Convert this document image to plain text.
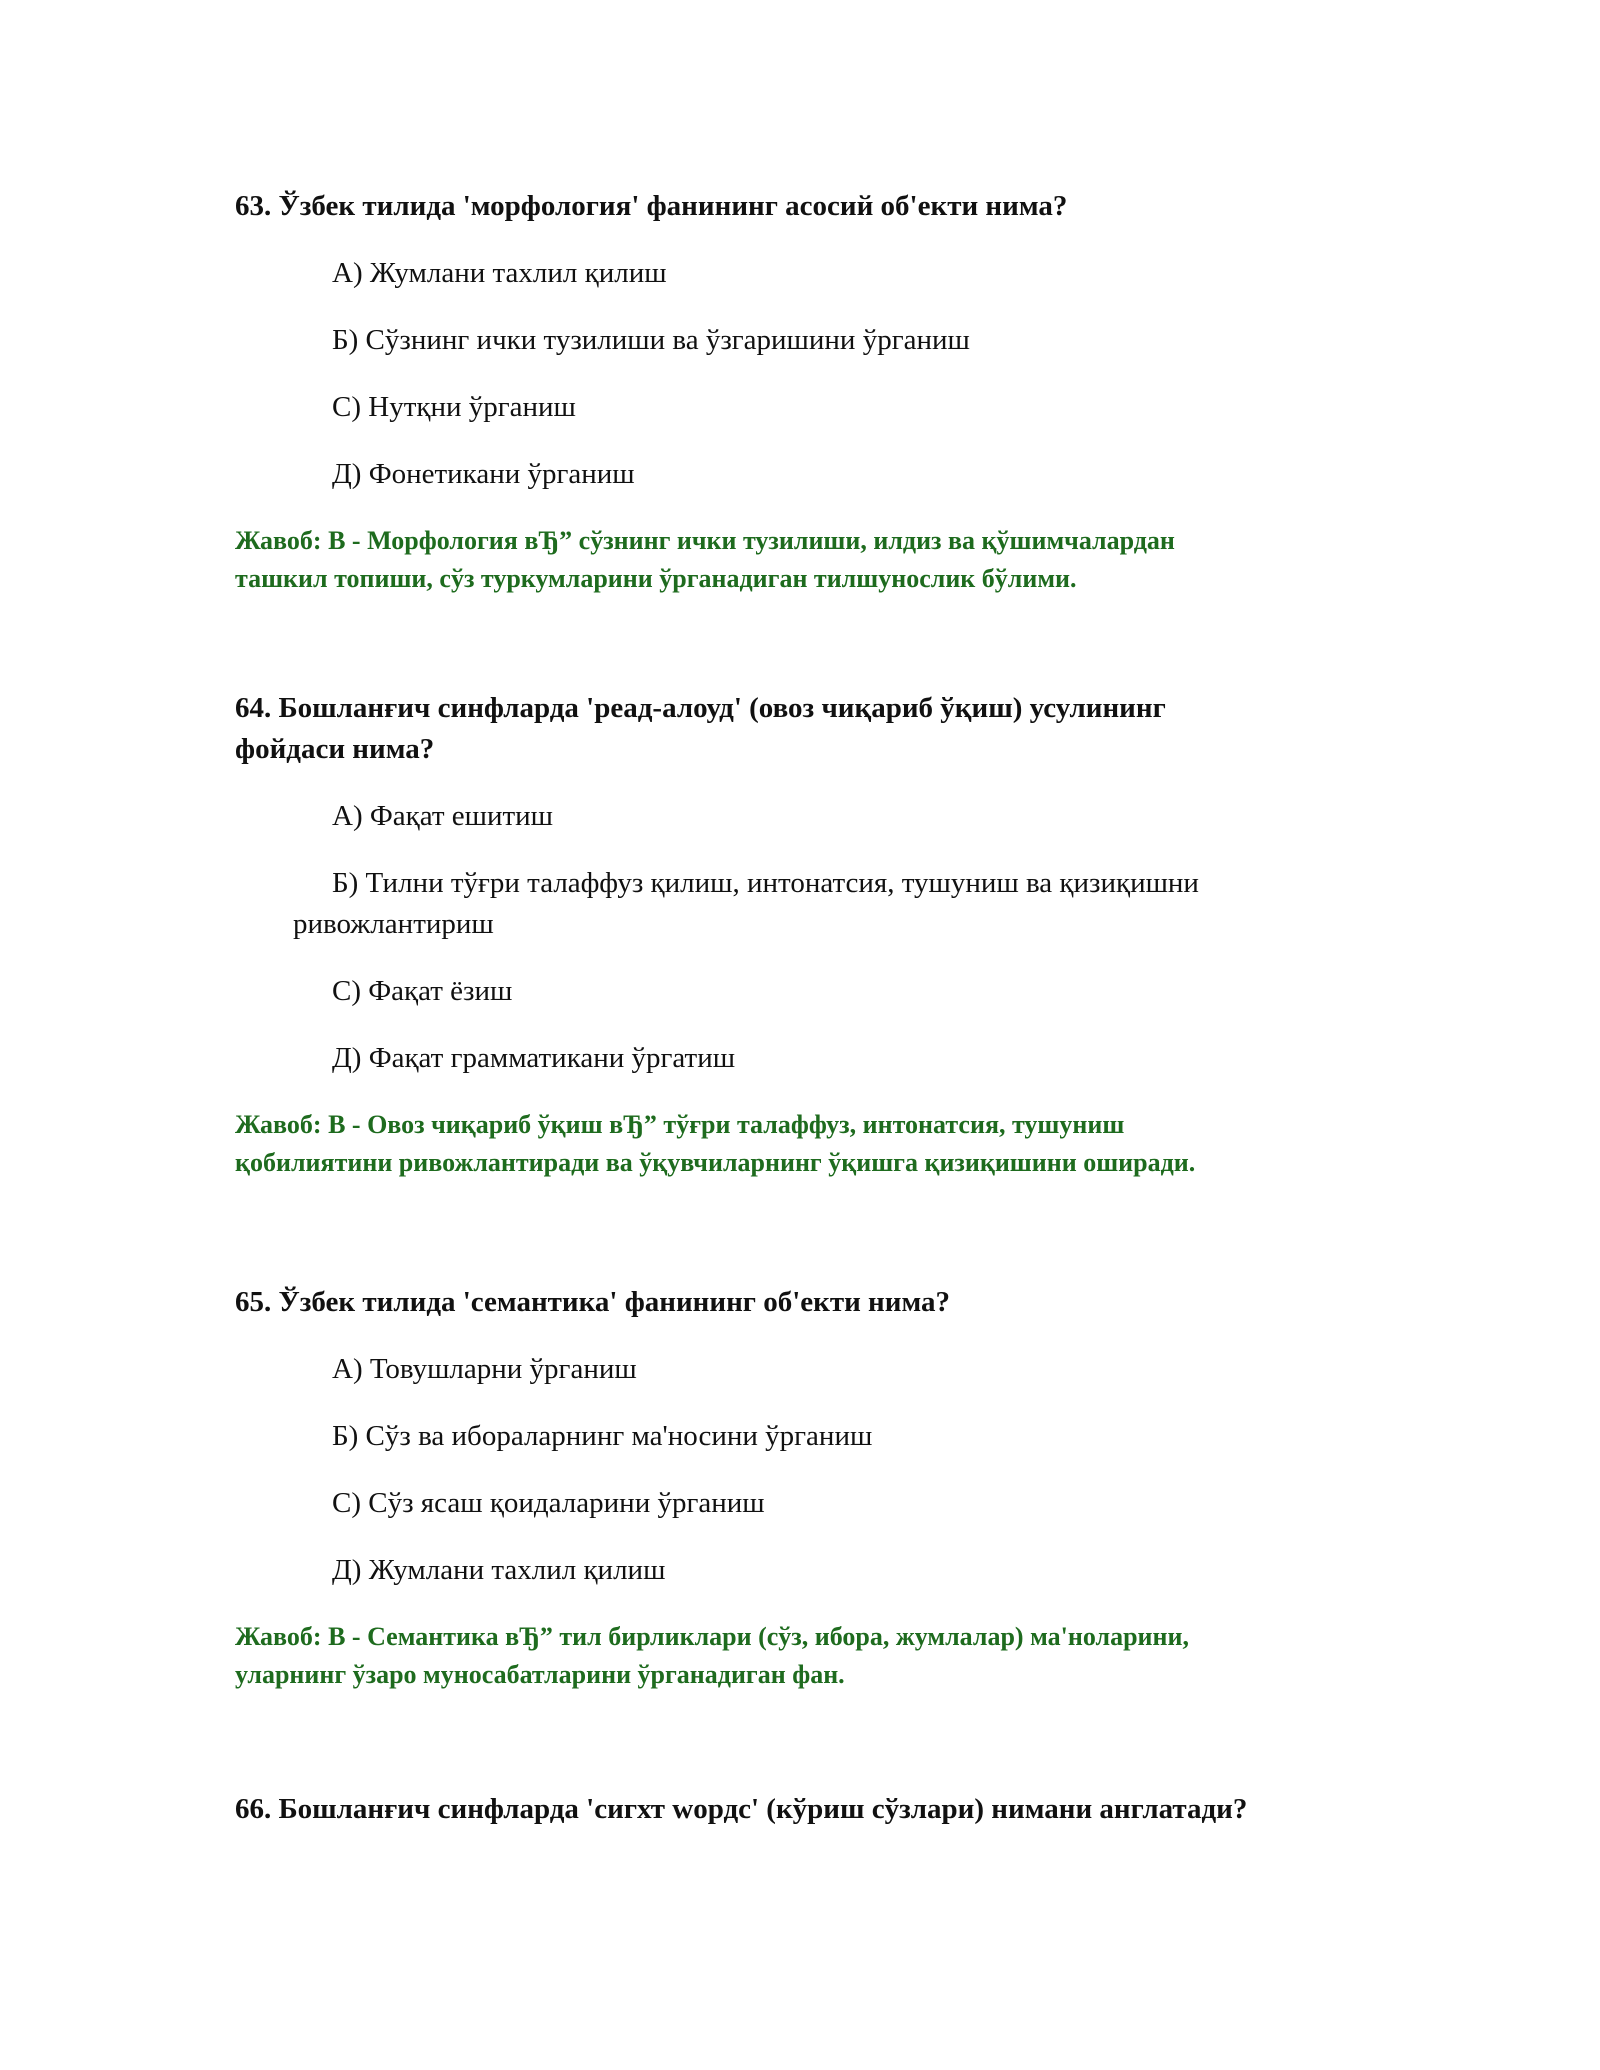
63. Ўзбек тилида 'морфология' фанининг асосий об'екти нима?

А) Жумлани тахлил қилиш

Б) Сўзнинг ички тузилиши ва ўзгаришини ўрганиш

С) Нутқни ўрганиш

Д) Фонетикани ўрганиш

Жавоб: В - Морфология вЂ” сўзнинг ички тузилиши, илдиз ва қўшимчалардан

ташкил топиши, сўз туркумларини ўрганадиган тилшунослик бўлими.

64. Бошланғич синфларда 'реад-алоуд' (овоз чиқариб ўқиш) усулининг

фойдаси нима?

А) Фақат ешитиш

Б) Тилни тўғри талаффуз қилиш, интонатсия, тушуниш ва қизиқишни

ривожлантириш

С) Фақат ёзиш

Д) Фақат грамматикани ўргатиш

Жавоб: В - Овоз чиқариб ўқиш вЂ” тўғри талаффуз, интонатсия, тушуниш

қобилиятини ривожлантиради ва ўқувчиларнинг ўқишга қизиқишини оширади.

65. Ўзбек тилида 'семантика' фанининг об'екти нима?

А) Товушларни ўрганиш

Б) Сўз ва ибораларнинг ма'носини ўрганиш

С) Сўз ясаш қоидаларини ўрганиш

Д) Жумлани тахлил қилиш

Жавоб: В - Семантика вЂ” тил бирликлари (сўз, ибора, жумлалар) ма'ноларини,

уларнинг ўзаро муносабатларини ўрганадиган фан.

66. Бошланғич синфларда 'сигхт wордс' (кўриш сўзлари) нимани англатади?
